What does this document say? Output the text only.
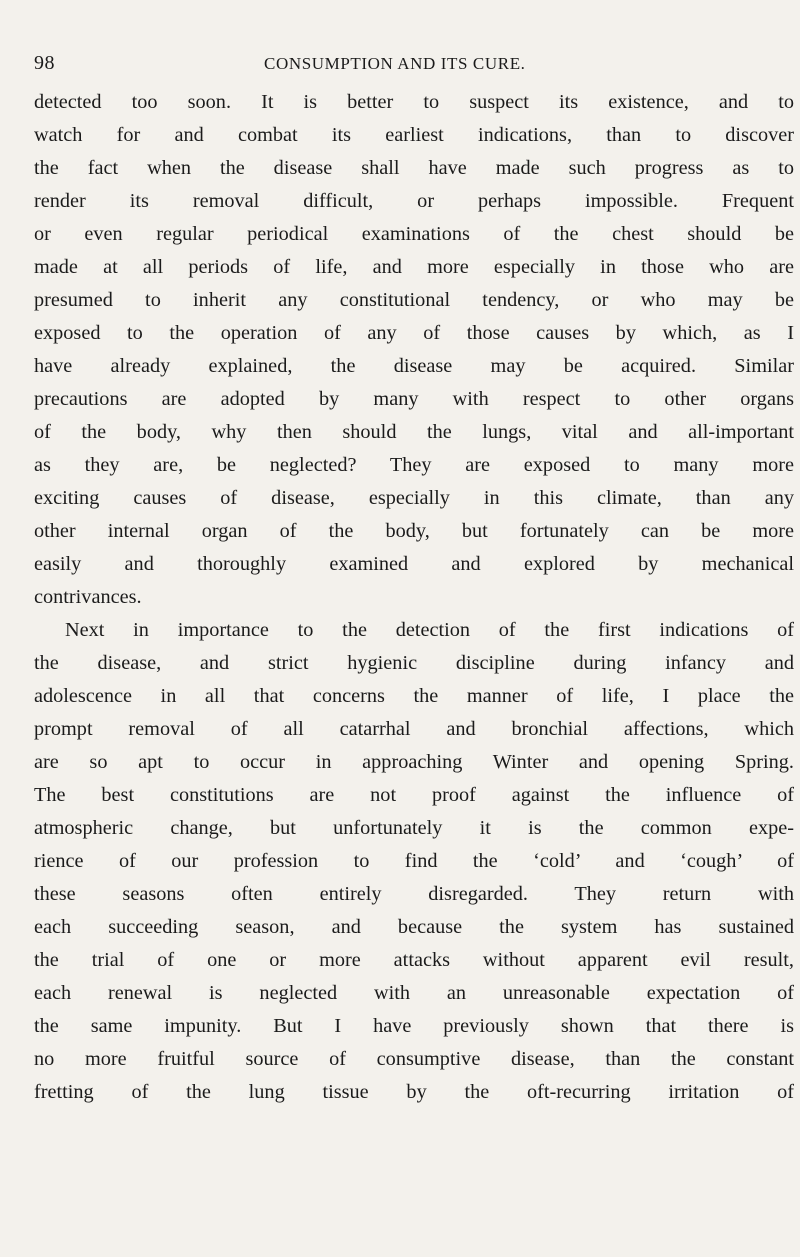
98	CONSUMPTION AND ITS CURE.
detected too soon. It is better to suspect its existence, and to
watch for and combat its earliest indications, than to discover
the fact when the disease shall have made such progress as to
render its removal difficult, or perhaps impossible. Frequent
or even regular periodical examinations of the chest should be
made at all periods of life, and more especially in those who are
presumed to inherit any constitutional tendency, or who may be
exposed to the operation of any of those causes by which, as I
have already explained, the disease may be acquired. Similar
precautions are adopted by many with respect to other organs
of the body, why then should the lungs, vital and all-important
as they are, be neglected? They are exposed to many more
exciting causes of disease, especially in this climate, than any
other internal organ of the body, but fortunately can be more
easily and thoroughly examined and explored by mechanical
contrivances.
Next in importance to the detection of the first indications of
the disease, and strict hygienic discipline during infancy and
adolescence in all that concerns the manner of life, I place the
prompt removal of all catarrhal and bronchial affections, which
are so apt to occur in approaching Winter and opening Spring.
The best constitutions are not proof against the influence of
atmospheric change, but unfortunately it is the common expe-
rience of our profession to find the ‘cold’ and ‘cough’ of
these seasons often entirely disregarded. They return with
each succeeding season, and because the system has sustained
the trial of one or more attacks without apparent evil result,
each renewal is neglected with an unreasonable expectation of
the same impunity. But I have previously shown that there is
no more fruitful source of consumptive disease, than the constant
fretting of the lung tissue by the oft-recurring irritation of
